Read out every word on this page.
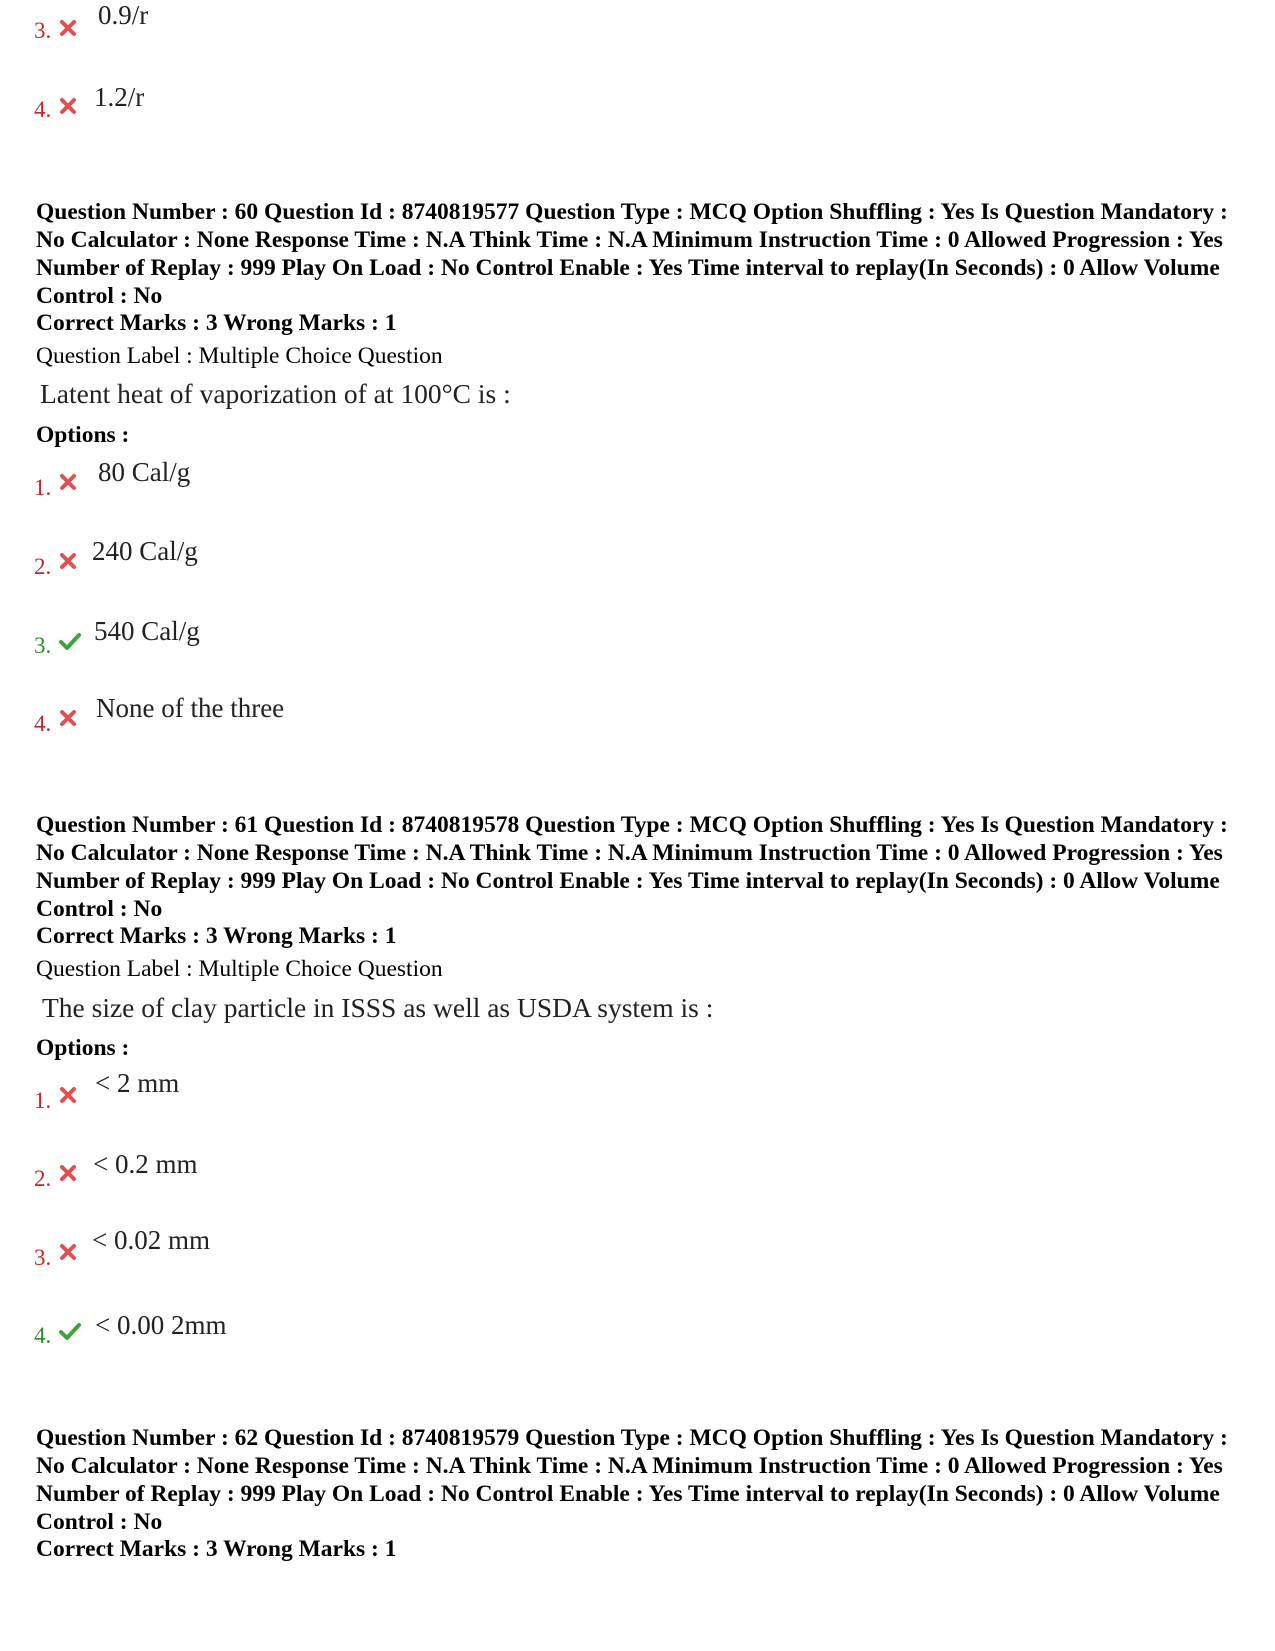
3.
0.9/r
4. 1.2/r
Question Number : 60 Question Id : 8740819577 Question Type : MCQ Option Shuffling : Yes Is Question Mandatory : No Calculator : None Response Time : N.A Think Time : N.A Minimum Instruction Time : 0 Allowed Progression : Yes Number of Replay : 999 Play On Load : No Control Enable : Yes Time interval to replay(In Seconds) : 0 Allow Volume Control : No
Correct Marks : 3 Wrong Marks : 1
Question Label : Multiple Choice Question
Latent heat of vaporization of at 100°C is :
Options :
1.
80 Cal/g
2.
240 Cal/g
3. 540 Cal/g
4.
None of the three
Question Number : 61 Question Id : 8740819578 Question Type : MCQ Option Shuffling : Yes Is Question Mandatory : No Calculator : None Response Time : N.A Think Time : N.A Minimum Instruction Time : 0 Allowed Progression : Yes Number of Replay : 999 Play On Load : No Control Enable : Yes Time interval to replay(In Seconds) : 0 Allow Volume Control : No
Correct Marks : 3 Wrong Marks : 1
Question Label : Multiple Choice Question
The size of clay particle in ISSS as well as USDA system is :
Options :
1.
< 2 mm
2. < 0.2 mm
3.
< 0.02 mm
4. < 0.00 2mm
Question Number : 62 Question Id : 8740819579 Question Type : MCQ Option Shuffling : Yes Is Question Mandatory : No Calculator : None Response Time : N.A Think Time : N.A Minimum Instruction Time : 0 Allowed Progression : Yes Number of Replay : 999 Play On Load : No Control Enable : Yes Time interval to replay(In Seconds) : 0 Allow Volume Control : No
Correct Marks : 3 Wrong Marks : 1
